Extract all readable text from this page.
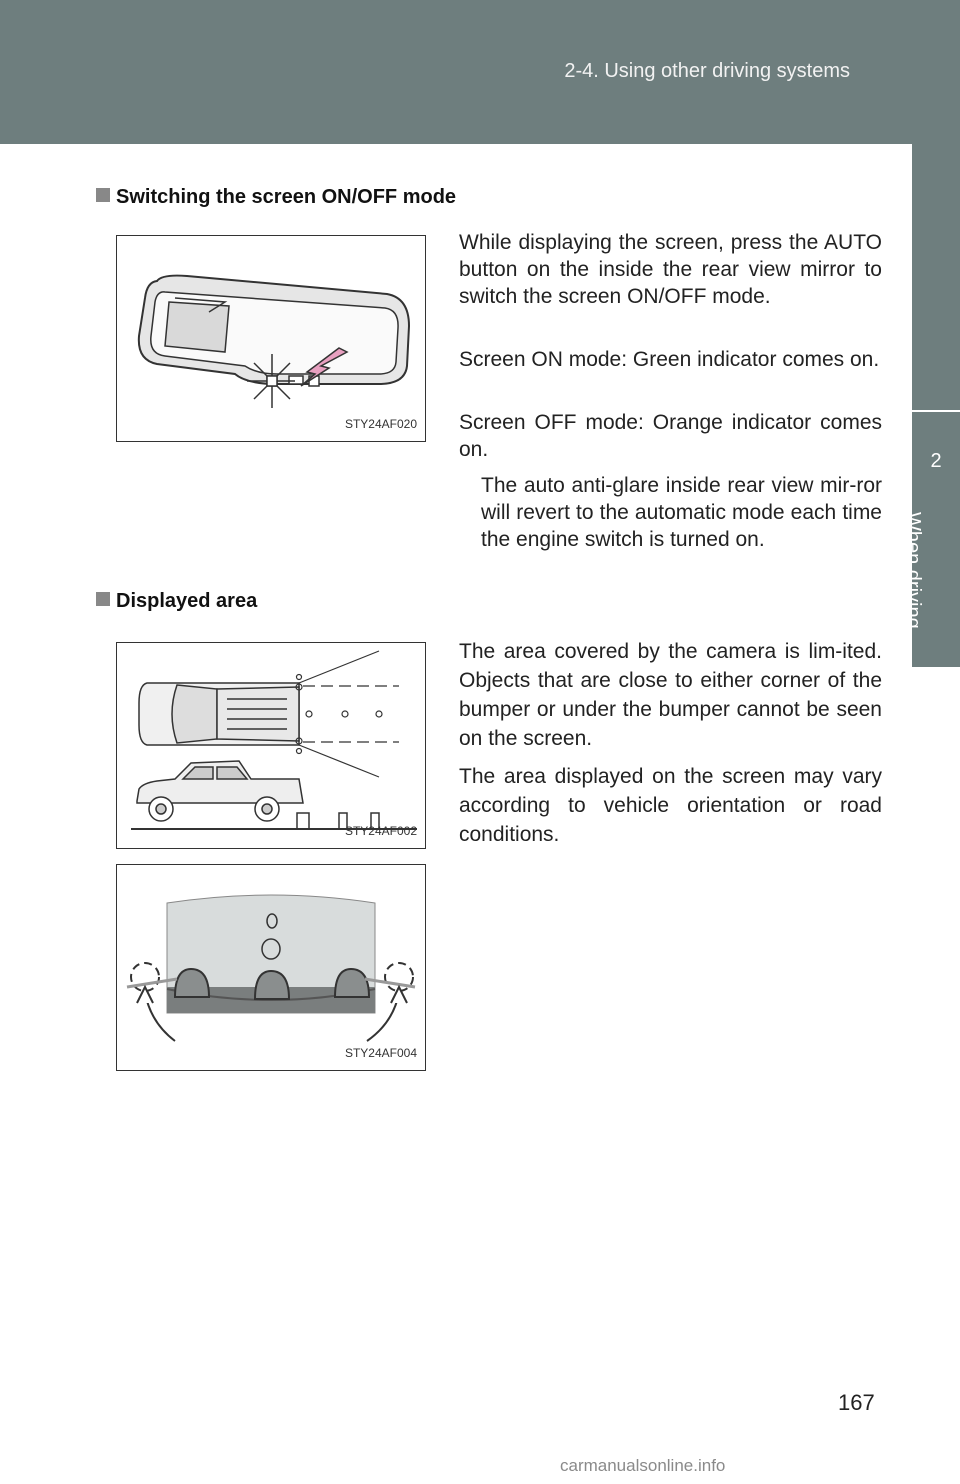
2-4. Using other driving systems
2
When driving
Switching the screen ON/OFF mode
STY24AF020

While displaying the screen, press the AUTO button on the inside the rear view mirror to switch the screen ON/OFF mode.

Screen ON mode: Green indicator comes on.

Screen OFF mode: Orange indicator comes on.

The auto anti-glare inside rear view mir-ror will revert to the automatic mode each time the engine switch is turned on.

Displayed area
STY24AF002
STY24AF004

The area covered by the camera is lim-ited. Objects that are close to either corner of the bumper or under the bumper cannot be seen on the screen.

The area displayed on the screen may vary according to vehicle orientation or road conditions.

167
carmanualsonline.info
